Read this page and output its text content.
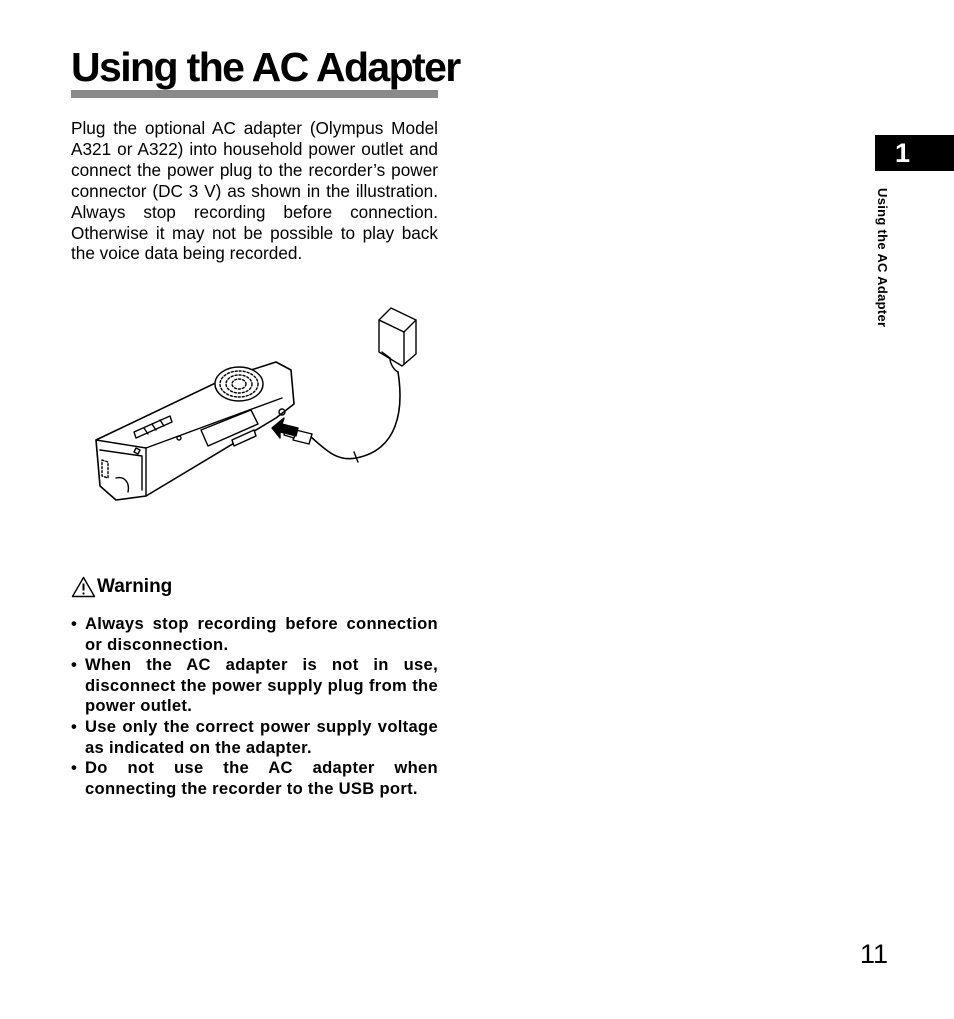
Using the AC Adapter

Plug the optional AC adapter (Olympus Model A321 or A322) into household power outlet and connect the power plug to the recorder’s power connector (DC 3 V) as shown in the illustration. Always stop recording before connection. Otherwise it may not be possible to play back the voice data being recorded.

Warning
• Always stop recording before connection or disconnection.
• When the AC adapter is not in use, disconnect the power supply plug from the power outlet.
• Use only the correct power supply voltage as indicated on the adapter.
• Do not use the AC adapter when connecting the recorder to the USB port.
1
Using the AC Adapter
11
